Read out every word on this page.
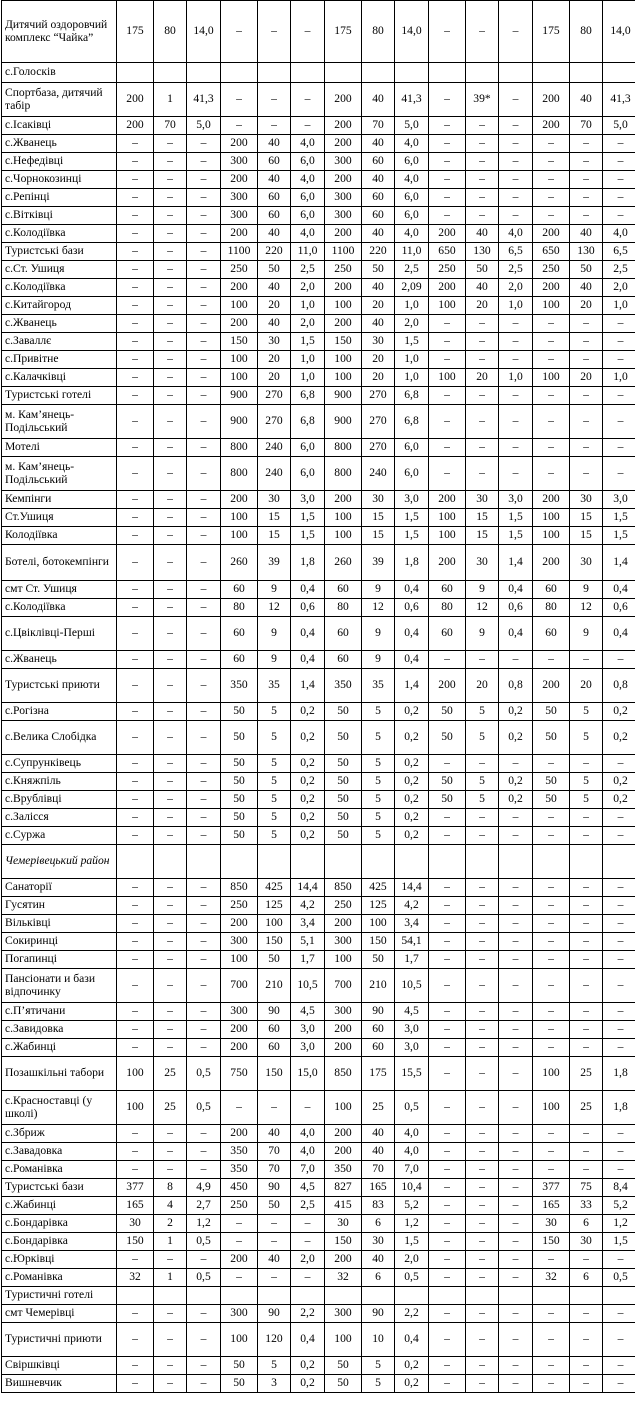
Дитячий оздоровчий комплекс “Чайка”	175	80	14,0	–	–	–	175	80	14,0	–	–	–	175	80	14,0
с.Голосків															
Спортбаза, дитячий табір	200	1	41,3	–	–	–	200	40	41,3	–	39*	–	200	40	41,3
с.Ісаківці	200	70	5,0	–	–	–	200	70	5,0	–	–	–	200	70	5,0
с.Жванець	–	–	–	200	40	4,0	200	40	4,0	–	–	–	–	–	–
с.Нефедівці	–	–	–	300	60	6,0	300	60	6,0	–	–	–	–	–	–
с.Чорнокозинці	–	–	–	200	40	4,0	200	40	4,0	–	–	–	–	–	–
с.Репінці	–	–	–	300	60	6,0	300	60	6,0	–	–	–	–	–	–
с.Вітківці	–	–	–	300	60	6,0	300	60	6,0	–	–	–	–	–	–
с.Колодіївка	–	–	–	200	40	4,0	200	40	4,0	200	40	4,0	200	40	4,0
Туристські бази	–	–	–	1100	220	11,0	1100	220	11,0	650	130	6,5	650	130	6,5
с.Ст. Ушиця	–	–	–	250	50	2,5	250	50	2,5	250	50	2,5	250	50	2,5
с.Колодіївка	–	–	–	200	40	2,0	200	40	2,09	200	40	2,0	200	40	2,0
с.Китайгород	–	–	–	100	20	1,0	100	20	1,0	100	20	1,0	100	20	1,0
с.Жванець	–	–	–	200	40	2,0	200	40	2,0	–	–	–	–	–	–
с.Заваллє	–	–	–	150	30	1,5	150	30	1,5	–	–	–	–	–	–
с.Привітне	–	–	–	100	20	1,0	100	20	1,0	–	–	–	–	–	–
с.Калачківці	–	–	–	100	20	1,0	100	20	1,0	100	20	1,0	100	20	1,0
Туристські готелі	–	–	–	900	270	6,8	900	270	6,8	–	–	–	–	–	–
м. Кам’янець-Подільський	–	–	–	900	270	6,8	900	270	6,8	–	–	–	–	–	–
Мотелі	–	–	–	800	240	6,0	800	270	6,0	–	–	–	–	–	–
м. Кам’янець-Подільський	–	–	–	800	240	6,0	800	240	6,0	–	–	–	–	–	–
Кемпінги	–	–	–	200	30	3,0	200	30	3,0	200	30	3,0	200	30	3,0
Ст.Ушиця	–	–	–	100	15	1,5	100	15	1,5	100	15	1,5	100	15	1,5
Колодіївка	–	–	–	100	15	1,5	100	15	1,5	100	15	1,5	100	15	1,5
Ботелі, ботокемпінги	–	–	–	260	39	1,8	260	39	1,8	200	30	1,4	200	30	1,4
смт Ст. Ушиця	–	–	–	60	9	0,4	60	9	0,4	60	9	0,4	60	9	0,4
с.Колодіївка	–	–	–	80	12	0,6	80	12	0,6	80	12	0,6	80	12	0,6
с.Цвіклівці-Перші	–	–	–	60	9	0,4	60	9	0,4	60	9	0,4	60	9	0,4
с.Жванець	–	–	–	60	9	0,4	60	9	0,4	–	–	–	–	–	–
Туристські приюти	–	–	–	350	35	1,4	350	35	1,4	200	20	0,8	200	20	0,8
с.Рогізна	–	–	–	50	5	0,2	50	5	0,2	50	5	0,2	50	5	0,2
с.Велика Слобідка	–	–	–	50	5	0,2	50	5	0,2	50	5	0,2	50	5	0,2
с.Супрунківець	–	–	–	50	5	0,2	50	5	0,2	–	–	–	–	–	–
с.Княжпіль	–	–	–	50	5	0,2	50	5	0,2	50	5	0,2	50	5	0,2
с.Врублівці	–	–	–	50	5	0,2	50	5	0,2	50	5	0,2	50	5	0,2
с.Залісся	–	–	–	50	5	0,2	50	5	0,2	–	–	–	–	–	–
с.Суржа	–	–	–	50	5	0,2	50	5	0,2	–	–	–	–	–	–
Чемерівецький район															
Санаторії	–	–	–	850	425	14,4	850	425	14,4	–	–	–	–	–	–
Гусятин	–	–	–	250	125	4,2	250	125	4,2	–	–	–	–	–	–
Вільківці	–	–	–	200	100	3,4	200	100	3,4	–	–	–	–	–	–
Сокиринці	–	–	–	300	150	5,1	300	150	54,1	–	–	–	–	–	–
Погапинці	–	–	–	100	50	1,7	100	50	1,7	–	–	–	–	–	–
Пансіонати и бази відпочинку	–	–	–	700	210	10,5	700	210	10,5	–	–	–	–	–	–
с.П’ятичани	–	–	–	300	90	4,5	300	90	4,5	–	–	–	–	–	–
с.Завидовка	–	–	–	200	60	3,0	200	60	3,0	–	–	–	–	–	–
с.Жабинці	–	–	–	200	60	3,0	200	60	3,0	–	–	–	–	–	–
Позашкільні табори	100	25	0,5	750	150	15,0	850	175	15,5	–	–	–	100	25	1,8
с.Красноставці (у школі)	100	25	0,5	–	–	–	100	25	0,5	–	–	–	100	25	1,8
с.Збриж	–	–	–	200	40	4,0	200	40	4,0	–	–	–	–	–	–
с.Завадовка	–	–	–	350	70	4,0	200	40	4,0	–	–	–	–	–	–
с.Романівка	–	–	–	350	70	7,0	350	70	7,0	–	–	–	–	–	–
Туристські бази	377	8	4,9	450	90	4,5	827	165	10,4	–	–	–	377	75	8,4
с.Жабинці	165	4	2,7	250	50	2,5	415	83	5,2	–	–	–	165	33	5,2
с.Бондарівка	30	2	1,2	–	–	–	30	6	1,2	–	–	–	30	6	1,2
с.Бондарівка	150	1	0,5	–	–	–	150	30	1,5	–	–	–	150	30	1,5
с.Юрківці	–	–	–	200	40	2,0	200	40	2,0	–	–	–	–	–	–
с.Романівка	32	1	0,5	–	–	–	32	6	0,5	–	–	–	32	6	0,5
Туристичні готелі															
смт Чемерівці	–	–	–	300	90	2,2	300	90	2,2	–	–	–	–	–	–
Туристичні приюти	–	–	–	100	120	0,4	100	10	0,4	–	–	–	–	–	–
Свіршківці	–	–	–	50	5	0,2	50	5	0,2	–	–	–	–	–	–
Вишневчик	–	–	–	50	3	0,2	50	5	0,2	–	–	–	–	–	–
